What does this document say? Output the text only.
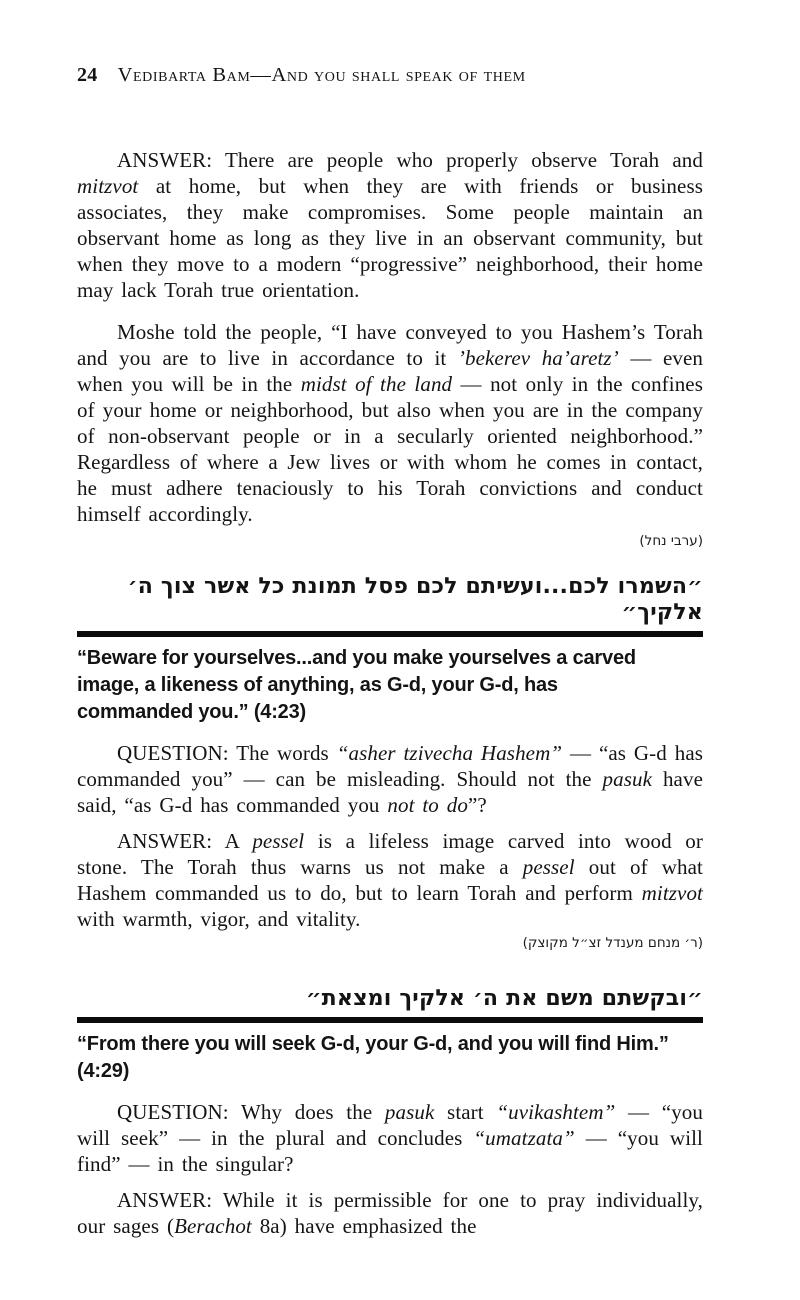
24 Vedibarta Bam—And you shall speak of them

ANSWER: There are people who properly observe Torah and mitzvot at home, but when they are with friends or business associates, they make compromises. Some people maintain an observant home as long as they live in an observant community, but when they move to a modern “progressive” neighborhood, their home may lack Torah true orientation.

Moshe told the people, “I have conveyed to you Hashem’s Torah and you are to live in accordance to it ’bekerev ha’aretz’ — even when you will be in the midst of the land — not only in the confines of your home or neighborhood, but also when you are in the company of non-observant people or in a secularly oriented neighborhood.” Regardless of where a Jew lives or with whom he comes in contact, he must adhere tenaciously to his Torah convictions and conduct himself accordingly.

(ערבי נחל)
״השמרו לכם...ועשיתם לכם פסל תמונת כל אשר צוך ה׳ אלקיך״
“Beware for yourselves...and you make yourselves a carved image, a likeness of anything, as G-d, your G-d, has commanded you.” (4:23)

QUESTION: The words “asher tzivecha Hashem” — “as G-d has commanded you” — can be misleading. Should not the pasuk have said, “as G-d has commanded you not to do”?

ANSWER: A pessel is a lifeless image carved into wood or stone. The Torah thus warns us not make a pessel out of what Hashem commanded us to do, but to learn Torah and perform mitzvot with warmth, vigor, and vitality.

(ר׳ מנחם מענדל זצ״ל מקוצק)
״ובקשתם משם את ה׳ אלקיך ומצאת״
“From there you will seek G-d, your G-d, and you will find Him.” (4:29)

QUESTION: Why does the pasuk start “uvikashtem” — “you will seek” — in the plural and concludes “umatzata” — “you will find” — in the singular?

ANSWER: While it is permissible for one to pray individually, our sages (Berachot 8a) have emphasized the
